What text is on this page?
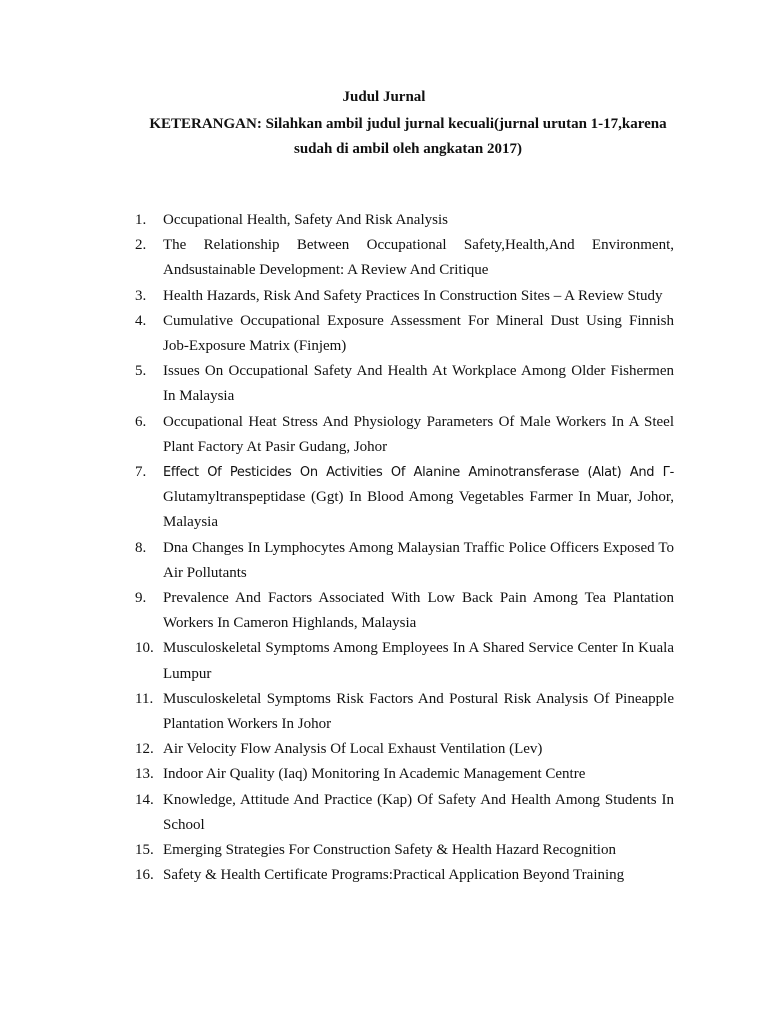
Judul Jurnal
KETERANGAN: Silahkan ambil judul jurnal kecuali(jurnal urutan 1-17,karena sudah di ambil oleh angkatan 2017)
1. Occupational Health, Safety And Risk Analysis
2. The Relationship Between Occupational Safety,Health,And Environment, Andsustainable Development: A Review And Critique
3. Health Hazards, Risk And Safety Practices In Construction Sites – A Review Study
4. Cumulative Occupational Exposure Assessment For Mineral Dust Using Finnish Job-Exposure Matrix (Finjem)
5. Issues On Occupational Safety And Health At Workplace Among Older Fishermen In Malaysia
6. Occupational Heat Stress And Physiology Parameters Of Male Workers In A Steel Plant Factory At Pasir Gudang, Johor
7. Effect Of Pesticides On Activities Of Alanine Aminotransferase (Alat) And Γ- Glutamyltranspeptidase (Ggt) In Blood Among Vegetables Farmer In Muar, Johor, Malaysia
8. Dna Changes In Lymphocytes Among Malaysian Traffic Police Officers Exposed To Air Pollutants
9. Prevalence And Factors Associated With Low Back Pain Among Tea Plantation Workers In Cameron Highlands, Malaysia
10. Musculoskeletal Symptoms Among Employees In A Shared Service Center In Kuala Lumpur
11. Musculoskeletal Symptoms Risk Factors And Postural Risk Analysis Of Pineapple Plantation Workers In Johor
12. Air Velocity Flow Analysis Of Local Exhaust Ventilation (Lev)
13. Indoor Air Quality (Iaq) Monitoring In Academic Management Centre
14. Knowledge, Attitude And Practice (Kap) Of Safety And Health Among Students In School
15. Emerging Strategies For Construction Safety & Health Hazard Recognition
16. Safety & Health Certificate Programs:Practical Application Beyond Training
